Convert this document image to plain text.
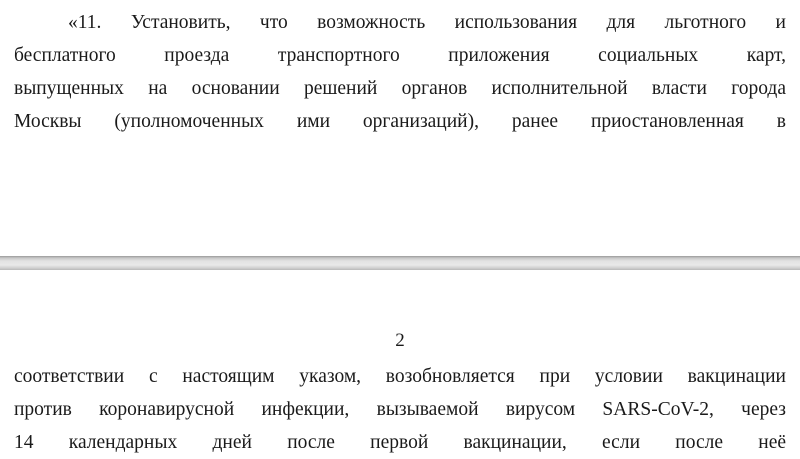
«11. Установить, что возможность использования для льготного и
бесплатного проезда транспортного приложения социальных карт,
выпущенных на основании решений органов исполнительной власти города
Москвы (уполномоченных ими организаций), ранее приостановленная в
2
соответствии с настоящим указом, возобновляется при условии вакцинации
против коронавирусной инфекции, вызываемой вирусом SARS-CoV-2, через
